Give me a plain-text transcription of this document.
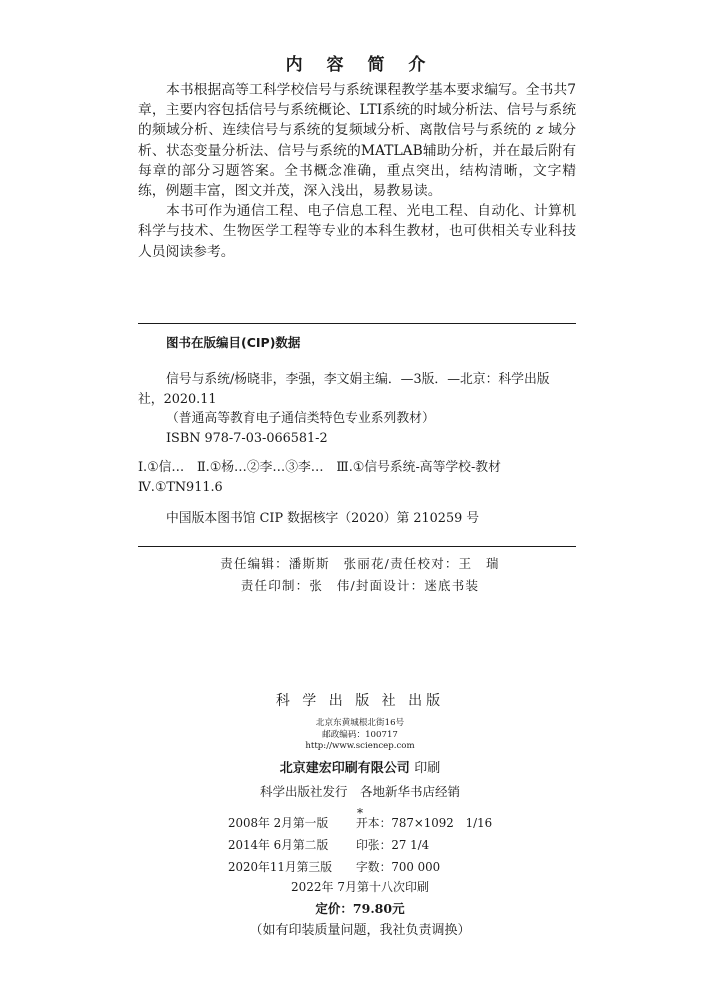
内 容 简 介

本书根据高等工科学校信号与系统课程教学基本要求编写。全书共7章，主要内容包括信号与系统概论、LTI系统的时域分析法、信号与系统的频域分析、连续信号与系统的复频域分析、离散信号与系统的 z 域分析、状态变量分析法、信号与系统的MATLAB辅助分析，并在最后附有每章的部分习题答案。全书概念准确，重点突出，结构清晰，文字精练，例题丰富，图文并茂，深入浅出，易教易读。

本书可作为通信工程、电子信息工程、光电工程、自动化、计算机科学与技术、生物医学工程等专业的本科生教材，也可供相关专业科技人员阅读参考。

图书在版编目(CIP)数据
信号与系统/杨晓非，李强，李文娟主编．—3版．—北京：科学出版
社，2020.11
（普通高等教育电子通信类特色专业系列教材）
ISBN 978-7-03-066581-2
Ⅰ.①信…　Ⅱ.①杨…②李…③李…　Ⅲ.①信号系统-高等学校-教材
Ⅳ.①TN911.6
中国版本图书馆 CIP 数据核字（2020）第 210259 号
责任编辑：潘斯斯　张丽花/责任校对：王　瑞
责任印制：张　伟/封面设计：迷底书装
科 学 出 版 社 出版
北京东黄城根北街16号
邮政编码：100717
http://www.sciencep.com
北京建宏印刷有限公司 印刷
科学出版社发行　各地新华书店经销
*
2008年 2月第一版 开本：787×1092　1/16
2014年 6月第二版 印张：27 1/4
2020年11月第三版 字数：700 000
2022年 7月第十八次印刷
定价：79.80元
（如有印装质量问题，我社负责调换）
